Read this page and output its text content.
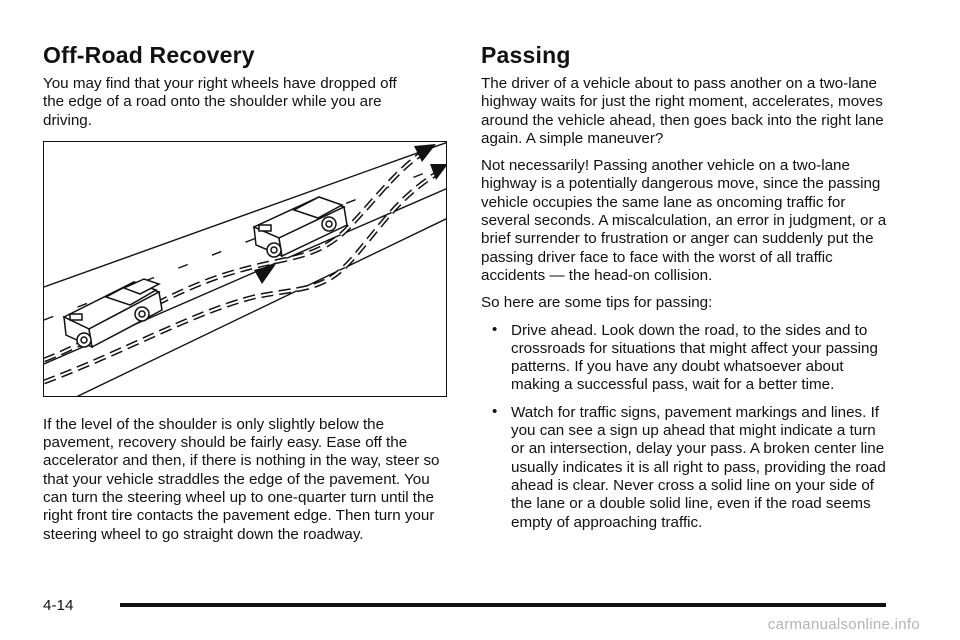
Off-Road Recovery

You may find that your right wheels have dropped off the edge of a road onto the shoulder while you are driving.

If the level of the shoulder is only slightly below the pavement, recovery should be fairly easy. Ease off the accelerator and then, if there is nothing in the way, steer so that your vehicle straddles the edge of the pavement. You can turn the steering wheel up to one-quarter turn until the right front tire contacts the pavement edge. Then turn your steering wheel to go straight down the roadway.

Passing

The driver of a vehicle about to pass another on a two-lane highway waits for just the right moment, accelerates, moves around the vehicle ahead, then goes back into the right lane again. A simple maneuver?

Not necessarily! Passing another vehicle on a two-lane highway is a potentially dangerous move, since the passing vehicle occupies the same lane as oncoming traffic for several seconds. A miscalculation, an error in judgment, or a brief surrender to frustration or anger can suddenly put the passing driver face to face with the worst of all traffic accidents — the head-on collision.

So here are some tips for passing:

• Drive ahead. Look down the road, to the sides and to crossroads for situations that might affect your passing patterns. If you have any doubt whatsoever about making a successful pass, wait for a better time.
• Watch for traffic signs, pavement markings and lines. If you can see a sign up ahead that might indicate a turn or an intersection, delay your pass. A broken center line usually indicates it is all right to pass, providing the road ahead is clear. Never cross a solid line on your side of the lane or a double solid line, even if the road seems empty of approaching traffic.
4-14
carmanualsonline.info
